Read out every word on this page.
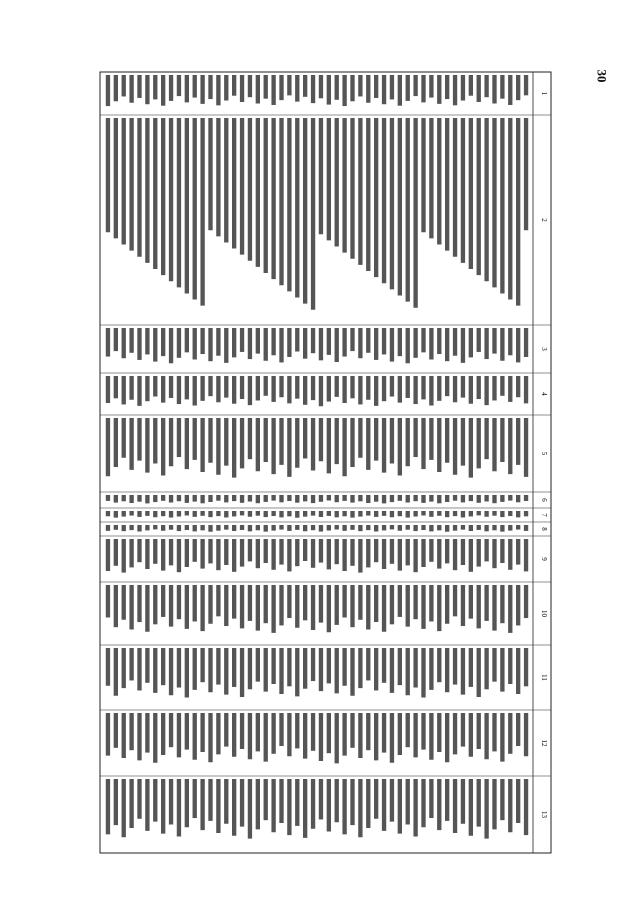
30
1
2
3
4
5
6
7
8
9
10
11
12
13
